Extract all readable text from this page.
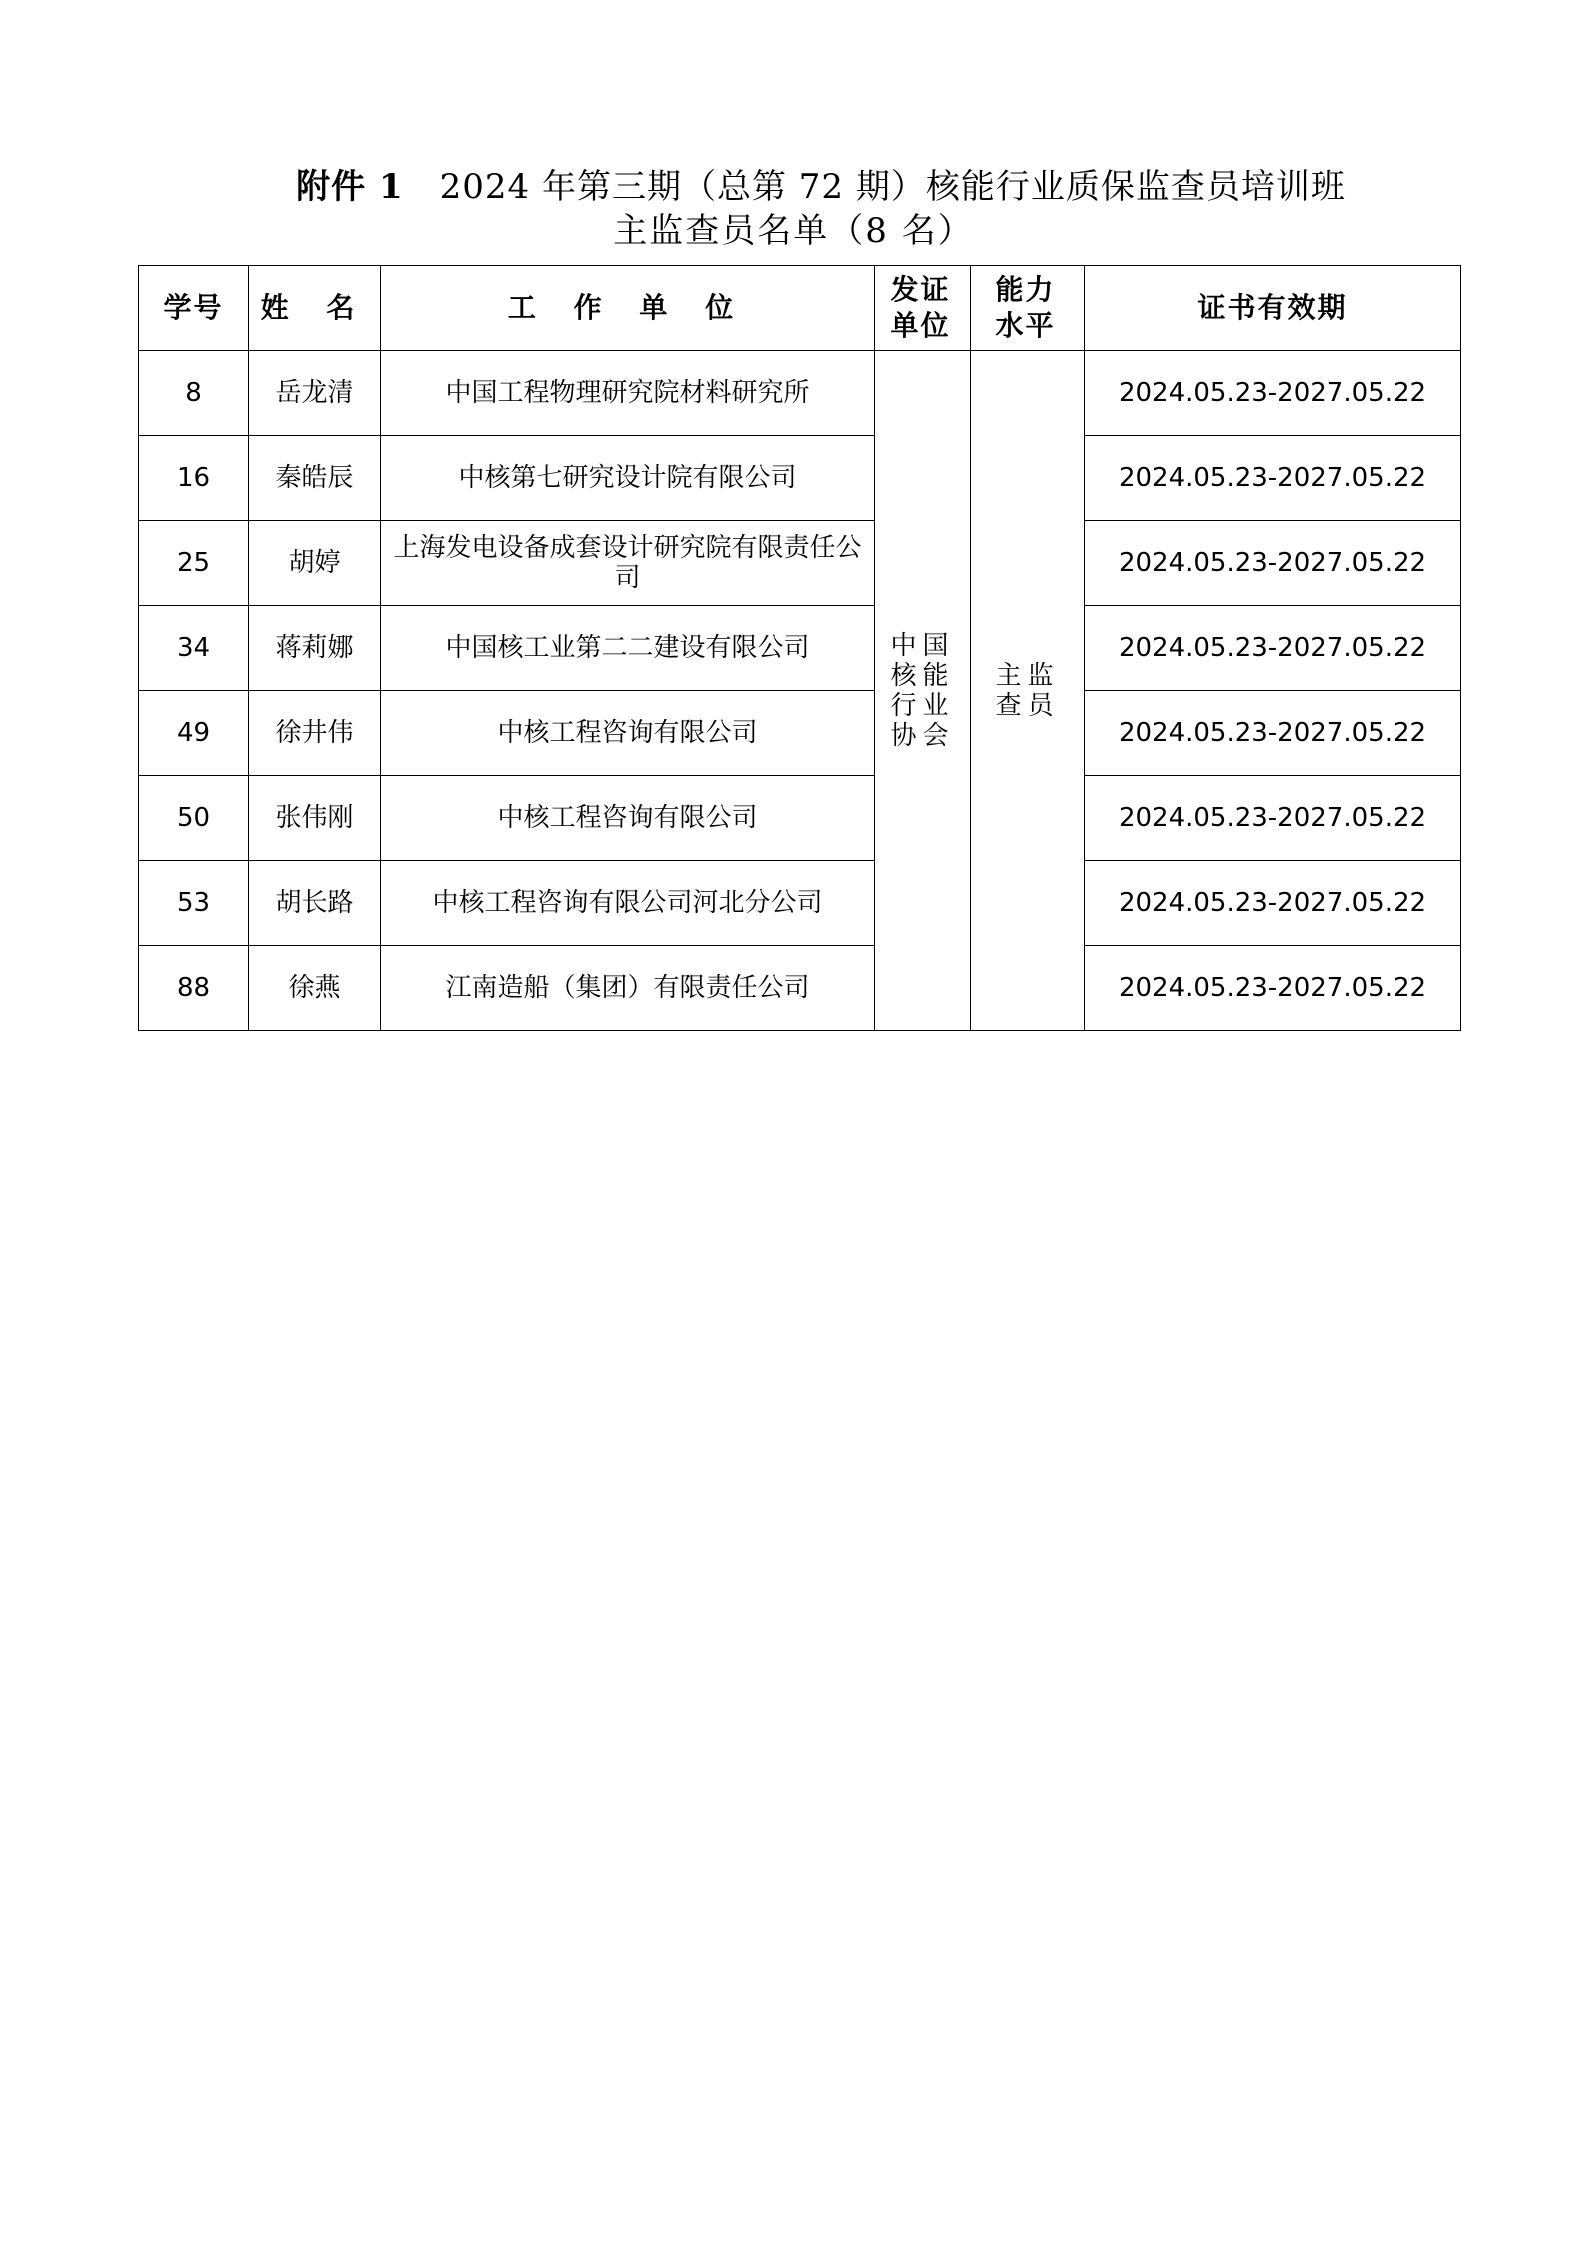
附件 1 2024 年第三期（总第 72 期）核能行业质保监查员培训班
主监查员名单（8 名）
学号	姓 名	工 作 单 位	发证单位	能力水平	证书有效期
8	岳龙清	中国工程物理研究院材料研究所	中国核能行业协会	主监查员	2024.05.23-2027.05.22
16	秦皓辰	中核第七研究设计院有限公司			2024.05.23-2027.05.22
25	胡婷	上海发电设备成套设计研究院有限责任公司			2024.05.23-2027.05.22
34	蒋莉娜	中国核工业第二二建设有限公司			2024.05.23-2027.05.22
49	徐井伟	中核工程咨询有限公司			2024.05.23-2027.05.22
50	张伟刚	中核工程咨询有限公司			2024.05.23-2027.05.22
53	胡长路	中核工程咨询有限公司河北分公司			2024.05.23-2027.05.22
88	徐燕	江南造船（集团）有限责任公司			2024.05.23-2027.05.22
